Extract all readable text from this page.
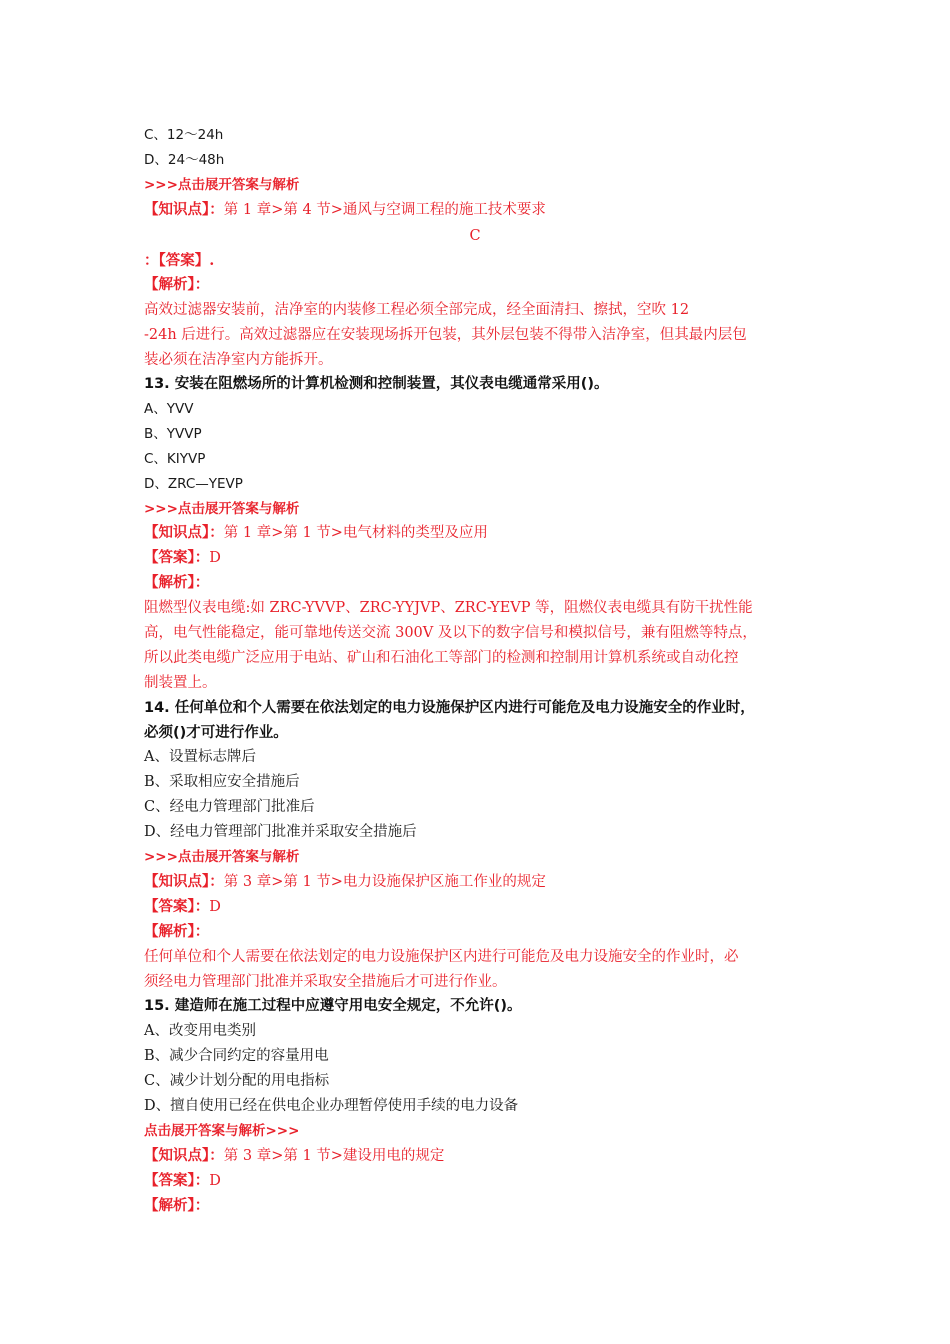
C、12～24h
D、24～48h
>>>点击展开答案与解析
【知识点】：第 1 章>第 4 节>通风与空调工程的施工技术要求
C
：【答案】.
【解析】：
高效过滤器安装前，洁净室的内装修工程必须全部完成，经全面清扫、擦拭，空吹 12
-24h 后进行。高效过滤器应在安装现场拆开包装，其外层包装不得带入洁净室，但其最内层包
装必须在洁净室内方能拆开。
13. 安装在阻燃场所的计算机检测和控制装置，其仪表电缆通常采用()。
A、YVV
B、YVVP
C、KIYVP
D、ZRC—YEVP
>>>点击展开答案与解析
【知识点】：第 1 章>第 1 节>电气材料的类型及应用
【答案】：D
【解析】：
阻燃型仪表电缆:如 ZRC-YVVP、ZRC-YYJVP、ZRC-YEVP 等，阻燃仪表电缆具有防干扰性能
高，电气性能稳定，能可靠地传送交流 300V 及以下的数字信号和模拟信号，兼有阻燃等特点，
所以此类电缆广泛应用于电站、矿山和石油化工等部门的检测和控制用计算机系统或自动化控
制装置上。
14. 任何单位和个人需要在依法划定的电力设施保护区内进行可能危及电力设施安全的作业时，
必须()才可进行作业。
A、设置标志牌后
B、采取相应安全措施后
C、经电力管理部门批准后
D、经电力管理部门批准并采取安全措施后
>>>点击展开答案与解析
【知识点】：第 3 章>第 1 节>电力设施保护区施工作业的规定
【答案】：D
【解析】：
任何单位和个人需要在依法划定的电力设施保护区内进行可能危及电力设施安全的作业时，必
须经电力管理部门批准并采取安全措施后才可进行作业。
15. 建造师在施工过程中应遵守用电安全规定，不允许()。
A、改变用电类别
B、减少合同约定的容量用电
C、减少计划分配的用电指标
D、擅自使用已经在供电企业办理暂停使用手续的电力设备
点击展开答案与解析>>>
【知识点】：第 3 章>第 1 节>建设用电的规定
【答案】：D
【解析】：
